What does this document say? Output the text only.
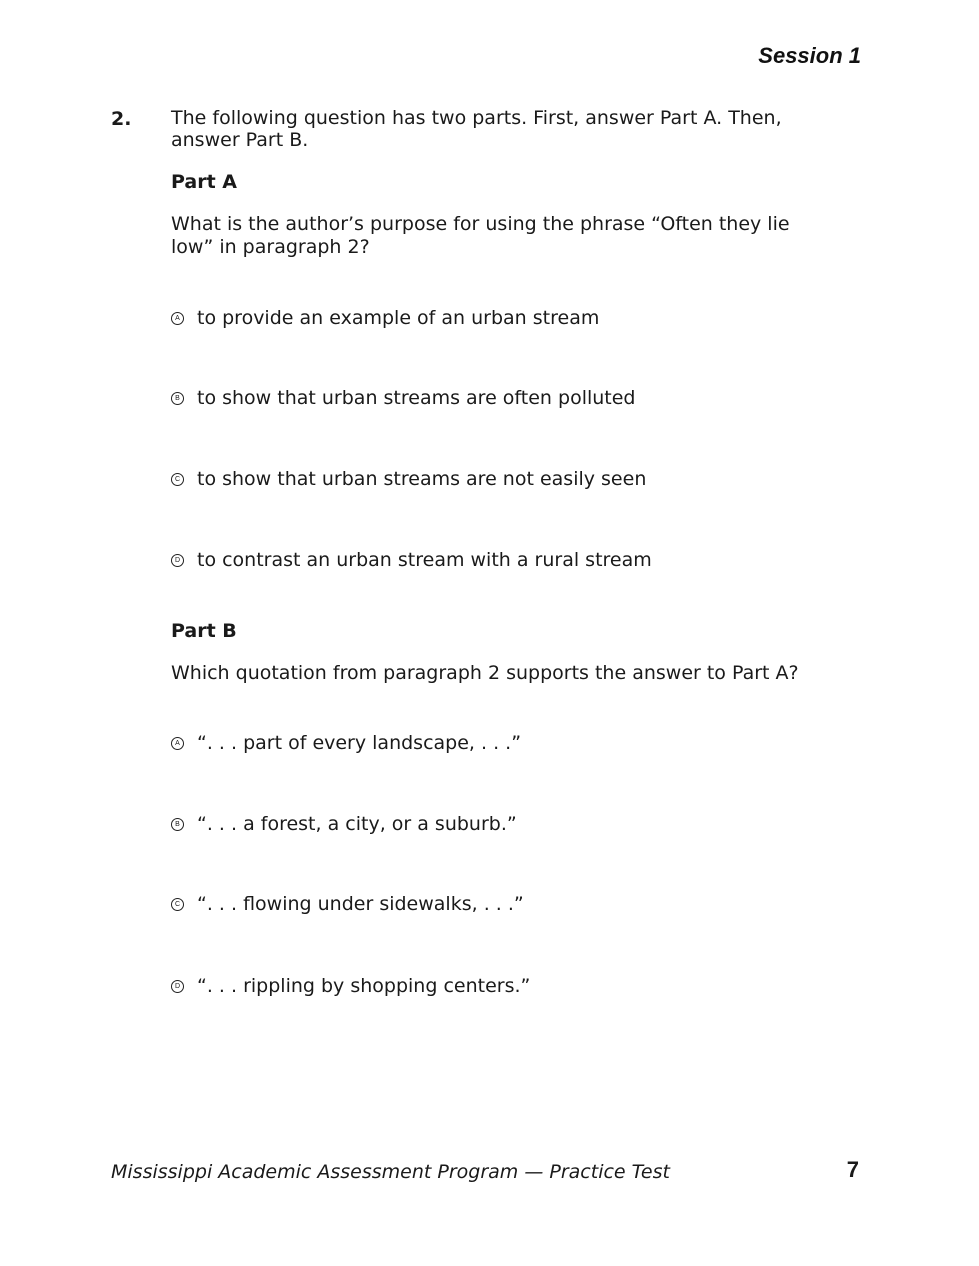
Session 1
2. The following question has two parts. First, answer Part A. Then, answer Part B.
Part A
What is the author’s purpose for using the phrase “Often they lie low” in paragraph 2?
A to provide an example of an urban stream
B to show that urban streams are often polluted
C to show that urban streams are not easily seen
D to contrast an urban stream with a rural stream
Part B
Which quotation from paragraph 2 supports the answer to Part A?
A “. . . part of every landscape, . . .”
B “. . . a forest, a city, or a suburb.”
C “. . . flowing under sidewalks, . . .”
D “. . . rippling by shopping centers.”
Mississippi Academic Assessment Program — Practice Test	7
